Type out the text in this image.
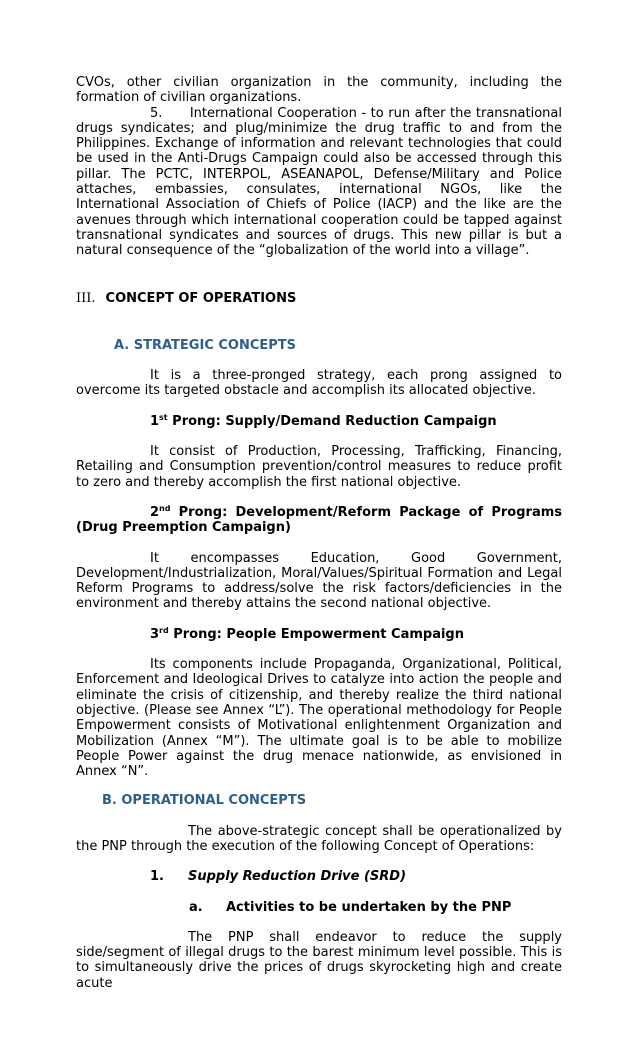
CVOs, other civilian organization in the community, including the formation of civilian organizations.

5.      International Cooperation - to run after the transnational drugs syndicates; and plug/minimize the drug traffic to and from the Philippines. Exchange of information and relevant technologies that could be used in the Anti-Drugs Campaign could also be accessed through this pillar. The PCTC, INTERPOL, ASEANAPOL, Defense/Military and Police attaches, embassies, consulates, international NGOs, like the International Association of Chiefs of Police (IACP) and the like are the avenues through which international cooperation could be tapped against transnational syndicates and sources of drugs. This new pillar is but a natural consequence of the “globalization of the world into a village”.

III. CONCEPT OF OPERATIONS

A. STRATEGIC CONCEPTS

It is a three-pronged strategy, each prong assigned to overcome its targeted obstacle and accomplish its allocated objective.

1st Prong: Supply/Demand Reduction Campaign

It consist of Production, Processing, Trafficking, Financing, Retailing and Consumption prevention/control measures to reduce profit to zero and thereby accomplish the first national objective.

2nd Prong: Development/Reform Package of Programs (Drug Preemption Campaign)

It encompasses Education, Good Government, Development/Industrialization, Moral/Values/Spiritual Formation and Legal Reform Programs to address/solve the risk factors/deficiencies in the environment and thereby attains the second national objective.

3rd Prong: People Empowerment Campaign

Its components include Propaganda, Organizational, Political, Enforcement and Ideological Drives to catalyze into action the people and eliminate the crisis of citizenship, and thereby realize the third national objective. (Please see Annex “L”). The operational methodology for People Empowerment consists of Motivational enlightenment Organization and Mobilization (Annex “M”). The ultimate goal is to be able to mobilize People Power against the drug menace nationwide, as envisioned in Annex “N”.

B. OPERATIONAL CONCEPTS

The above-strategic concept shall be operationalized by the PNP through the execution of the following Concept of Operations:

1. Supply Reduction Drive (SRD)

a. Activities to be undertaken by the PNP

The PNP shall endeavor to reduce the supply side/segment of illegal drugs to the barest minimum level possible. This is to simultaneously drive the prices of drugs skyrocketing high and create acute
